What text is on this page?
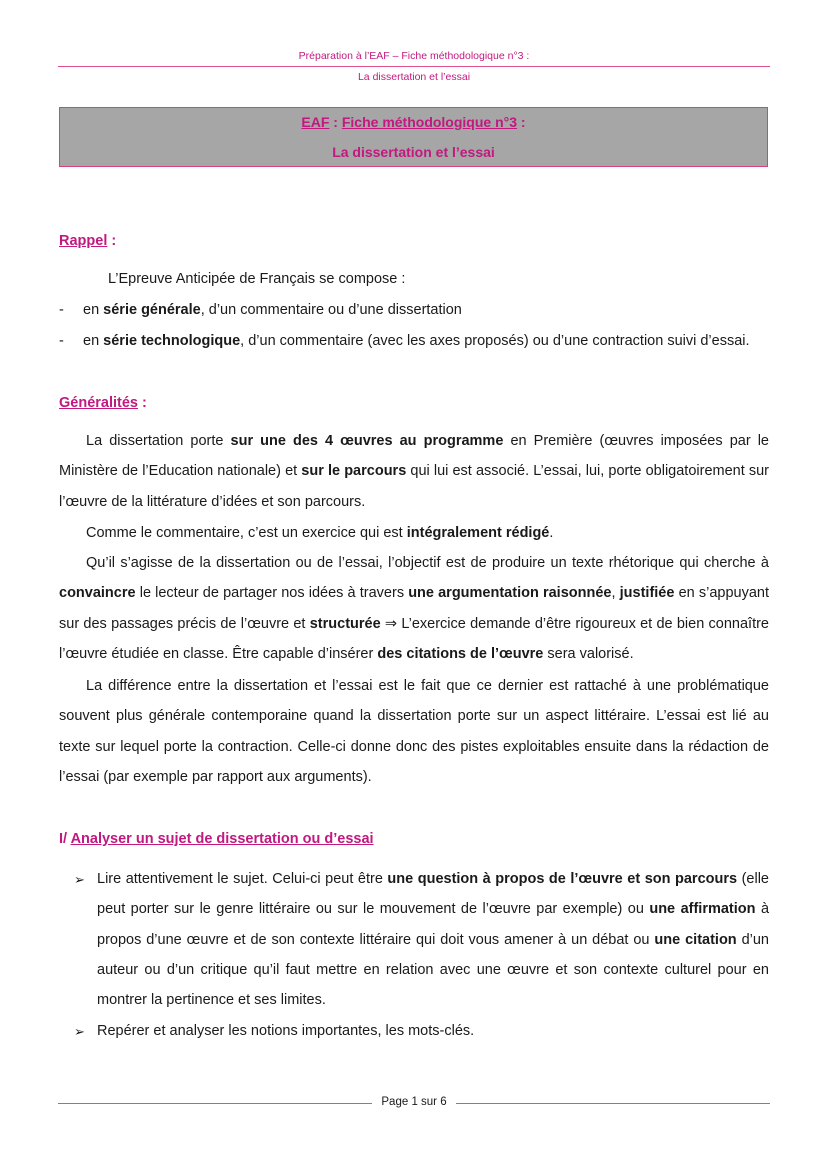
Préparation à l’EAF – Fiche méthodologique n°3 :
La dissertation et l’essai
EAF : Fiche méthodologique n°3 :
La dissertation et l’essai
Rappel :
L’Epreuve Anticipée de Français se compose :
- en série générale, d’un commentaire ou d’une dissertation
- en série technologique, d’un commentaire (avec les axes proposés) ou d’une contraction suivi d’essai.
Généralités :
La dissertation porte sur une des 4 œuvres au programme en Première (œuvres imposées par le Ministère de l’Education nationale) et sur le parcours qui lui est associé. L’essai, lui, porte obligatoirement sur l’œuvre de la littérature d’idées et son parcours.
Comme le commentaire, c’est un exercice qui est intégralement rédigé.
Qu’il s’agisse de la dissertation ou de l’essai, l’objectif est de produire un texte rhétorique qui cherche à convaincre le lecteur de partager nos idées à travers une argumentation raisonnée, justifiée en s’appuyant sur des passages précis de l’œuvre et structurée ⇒ L’exercice demande d’être rigoureux et de bien connaître l’œuvre étudiée en classe. Être capable d’insérer des citations de l’œuvre sera valorisé.
La différence entre la dissertation et l’essai est le fait que ce dernier est rattaché à une problématique souvent plus générale contemporaine quand la dissertation porte sur un aspect littéraire. L’essai est lié au texte sur lequel porte la contraction. Celle-ci donne donc des pistes exploitables ensuite dans la rédaction de l’essai (par exemple par rapport aux arguments).
I/ Analyser un sujet de dissertation ou d’essai
➢ Lire attentivement le sujet. Celui-ci peut être une question à propos de l’œuvre et son parcours (elle peut porter sur le genre littéraire ou sur le mouvement de l’œuvre par exemple) ou une affirmation à propos d’une œuvre et de son contexte littéraire qui doit vous amener à un débat ou une citation d’un auteur ou d’un critique qu’il faut mettre en relation avec une œuvre et son contexte culturel pour en montrer la pertinence et ses limites.
➢ Repérer et analyser les notions importantes, les mots-clés.
Page 1 sur 6
